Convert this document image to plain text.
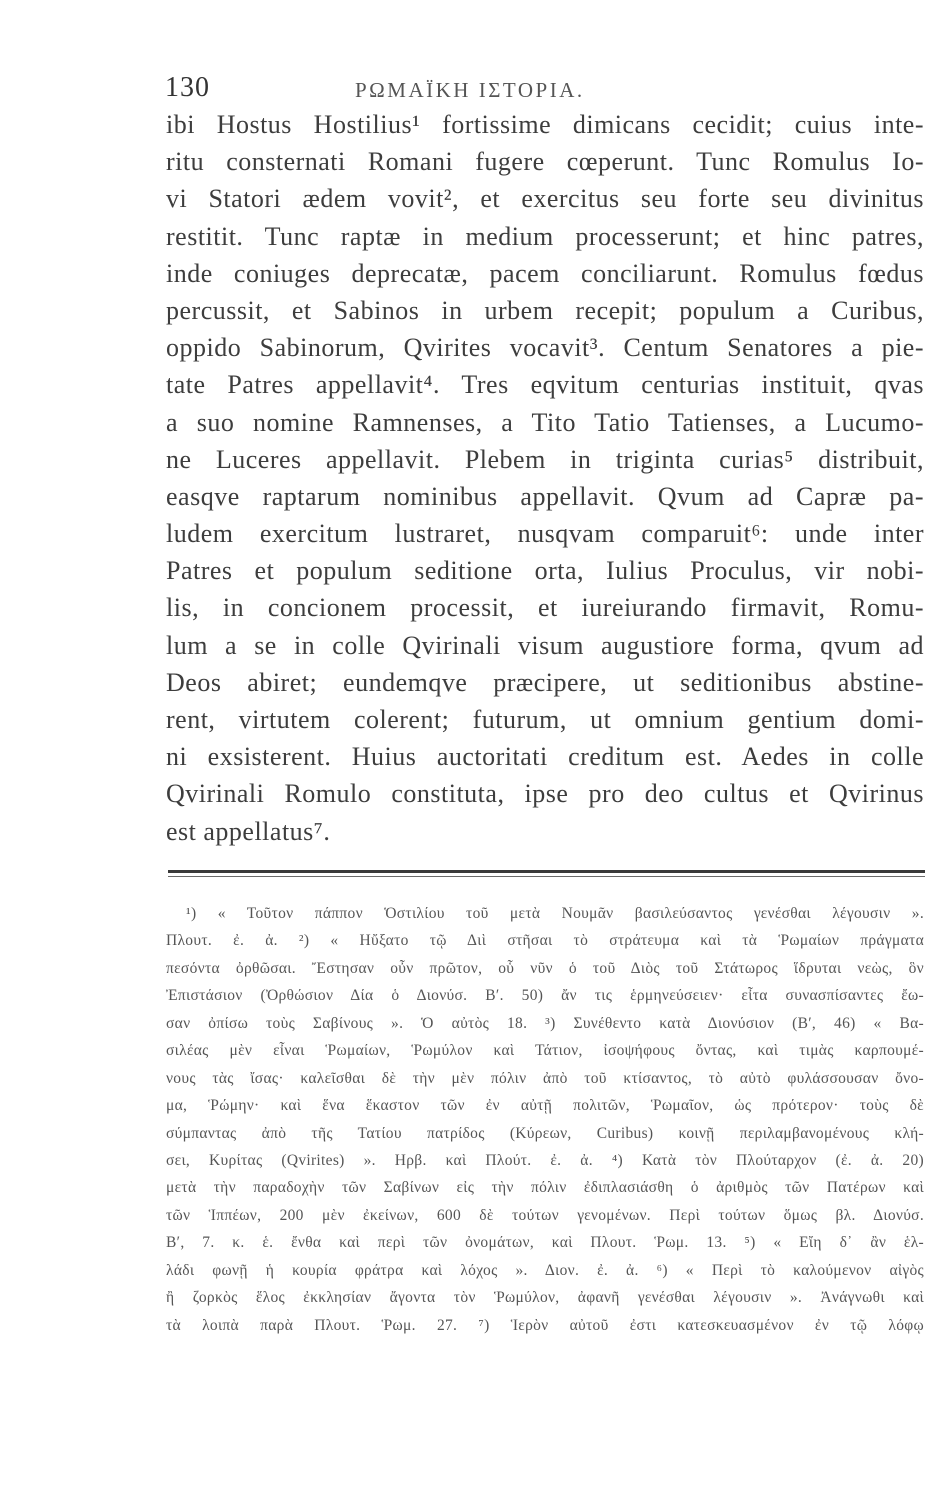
130	ΡΩΜΑΪΚΗ ΙΣΤΟΡΙΑ.
ibi Hostus Hostilius¹ fortissime dimicans cecidit; cuius inte-
ritu consternati Romani fugere cœperunt. Tunc Romulus Io-
vi Statori ædem vovit², et exercitus seu forte seu divinitus
restitit. Tunc raptæ in medium processerunt; et hinc patres,
inde coniuges deprecatæ, pacem conciliarunt. Romulus fœdus
percussit, et Sabinos in urbem recepit; populum a Curibus,
oppido Sabinorum, Qvirites vocavit³. Centum Senatores a pie-
tate Patres appellavit⁴. Tres eqvitum centurias instituit, qvas
a suo nomine Ramnenses, a Tito Tatio Tatienses, a Lucumo-
ne Luceres appellavit. Plebem in triginta curias⁵ distribuit,
easqve raptarum nominibus appellavit. Qvum ad Capræ pa-
ludem exercitum lustraret, nusqvam comparuit⁶: unde inter
Patres et populum seditione orta, Iulius Proculus, vir nobi-
lis, in concionem processit, et iureiurando firmavit, Romu-
lum a se in colle Qvirinali visum augustiore forma, qvum ad
Deos abiret; eundemqve præcipere, ut seditionibus abstine-
rent, virtutem colerent; futurum, ut omnium gentium domi-
ni exsisterent. Huius auctoritati creditum est. Aedes in colle
Qvirinali Romulo constituta, ipse pro deo cultus et Qvirinus
est appellatus⁷.
¹) « Τοῦτον πάππον Ὁστιλίου τοῦ μετὰ Νουμᾶν βασιλεύσαντος γενέσθαι λέγουσιν ».
Πλουτ. ἐ. ἀ. ²) « Ηὔξατο τῷ Διὶ στῆσαι τὸ στράτευμα καὶ τὰ Ῥωμαίων πράγματα
πεσόντα ὀρθῶσαι. Ἔστησαν οὖν πρῶτον, οὗ νῦν ὁ τοῦ Διὸς τοῦ Στάτωρος ἵδρυται νεὼς, ὃν
Ἐπιστάσιον (Ὀρθώσιον Δία ὁ Διονύσ. Β′. 50) ἄν τις ἑρμηνεύσειεν· εἶτα συνασπίσαντες ἔω-
σαν ὀπίσω τοὺς Σαβίνους ». Ὁ αὐτὸς 18. ³) Συνέθεντο κατὰ Διονύσιον (Β′, 46) « Βα-
σιλέας μὲν εἶναι Ῥωμαίων, Ῥωμύλον καὶ Τάτιον, ἰσοψήφους ὄντας, καὶ τιμὰς καρπουμέ-
νους τὰς ἴσας· καλεῖσθαι δὲ τὴν μὲν πόλιν ἀπὸ τοῦ κτίσαντος, τὸ αὐτὸ φυλάσσουσαν ὄνο-
μα, Ῥώμην· καὶ ἕνα ἕκαστον τῶν ἐν αὐτῇ πολιτῶν, Ῥωμαῖον, ὡς πρότερον· τοὺς δὲ
σύμπαντας ἀπὸ τῆς Τατίου πατρίδος (Κύρεων, Curibus) κοινῇ περιλαμβανομένους κλή-
σει, Κυρίτας (Qvirites) ». Ηρβ. καὶ Πλούτ. ἐ. ἀ. ⁴) Κατὰ τὸν Πλούταρχον (ἐ. ἀ. 20)
μετὰ τὴν παραδοχὴν τῶν Σαβίνων εἰς τὴν πόλιν ἐδιπλασιάσθη ὁ ἀριθμὸς τῶν Πατέρων καὶ
τῶν Ἱππέων, 200 μὲν ἐκείνων, 600 δὲ τούτων γενομένων. Περὶ τούτων ὅμως βλ. Διονύσ.
Β′, 7. κ. ἑ. ἔνθα καὶ περὶ τῶν ὀνομάτων, καὶ Πλουτ. Ῥωμ. 13. ⁵) « Εἴη δ᾽ ἂν ἑλ-
λάδι φωνῇ ἡ κουρία φράτρα καὶ λόχος ». Διον. ἐ. ἀ. ⁶) « Περὶ τὸ καλούμενον αἰγὸς
ἢ ζορκὸς ἕλος ἐκκλησίαν ἄγοντα τὸν Ῥωμύλον, ἀφανῆ γενέσθαι λέγουσιν ». Ἀνάγνωθι καὶ
τὰ λοιπὰ παρὰ Πλουτ. Ῥωμ. 27. ⁷) Ἱερὸν αὐτοῦ ἐστι κατεσκευασμένον ἐν τῷ λόφῳ
